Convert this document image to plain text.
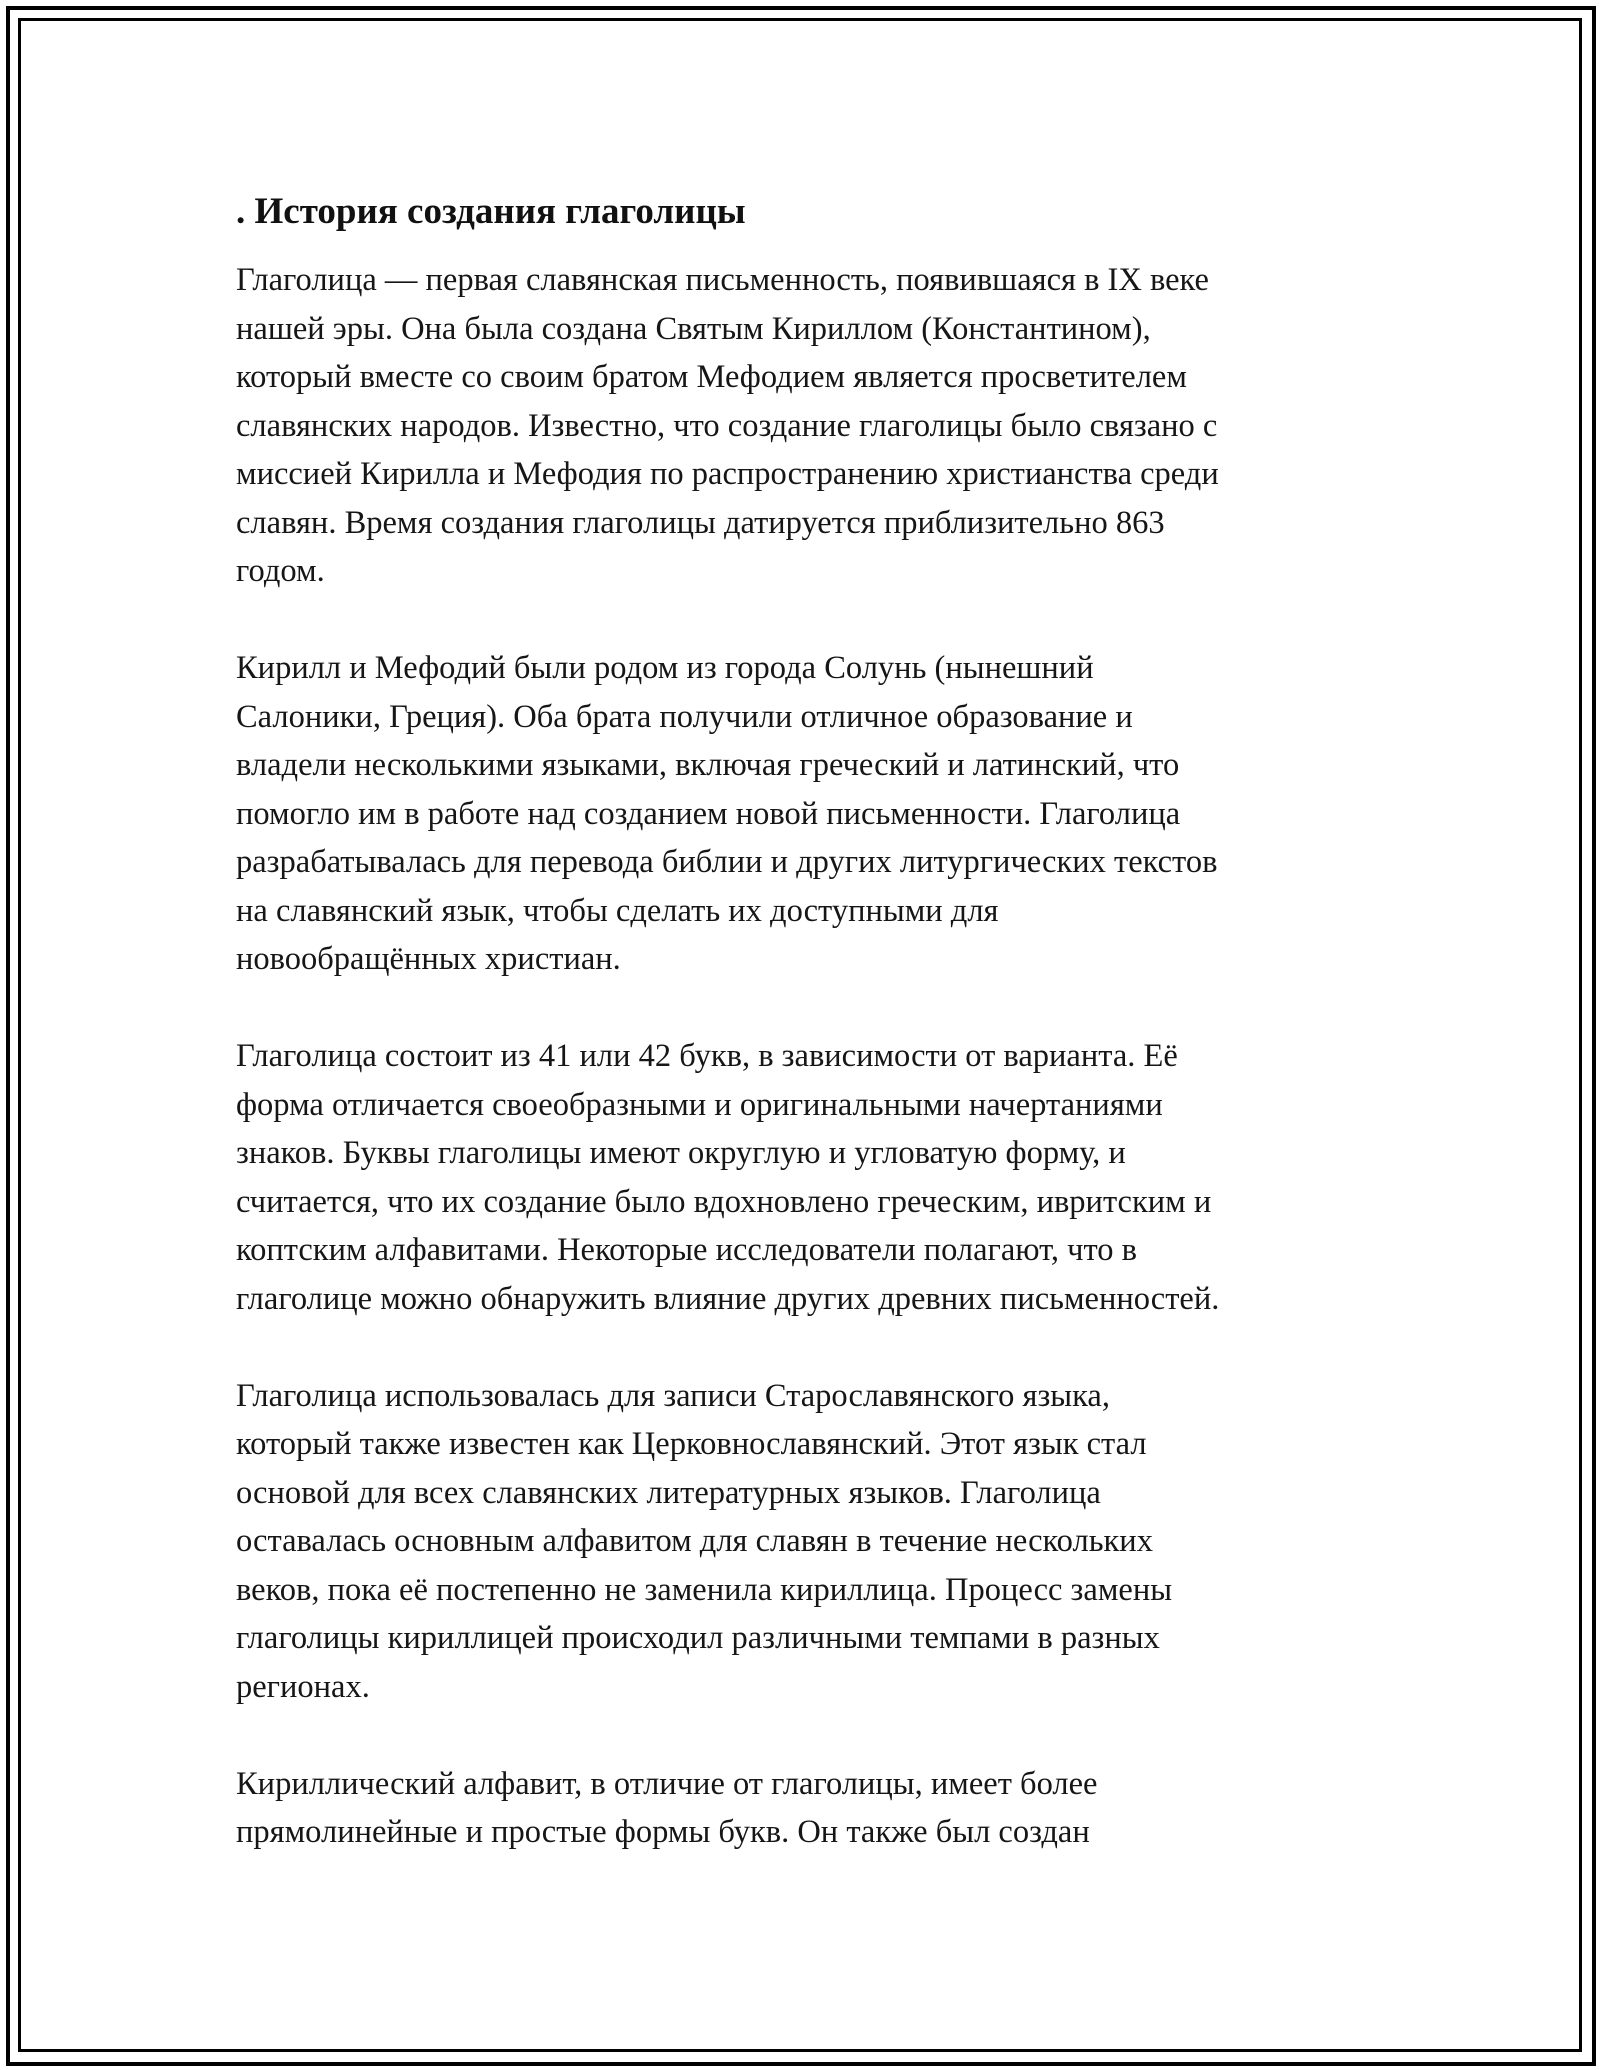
. История создания глаголицы

Глаголица — первая славянская письменность, появившаяся в IX веке
нашей эры. Она была создана Святым Кириллом (Константином),
который вместе со своим братом Мефодием является просветителем
славянских народов. Известно, что создание глаголицы было связано с
миссией Кирилла и Мефодия по распространению христианства среди
славян. Время создания глаголицы датируется приблизительно 863
годом.

Кирилл и Мефодий были родом из города Солунь (нынешний
Салоники, Греция). Оба брата получили отличное образование и
владели несколькими языками, включая греческий и латинский, что
помогло им в работе над созданием новой письменности. Глаголица
разрабатывалась для перевода библии и других литургических текстов
на славянский язык, чтобы сделать их доступными для
новообращённых христиан.

Глаголица состоит из 41 или 42 букв, в зависимости от варианта. Её
форма отличается своеобразными и оригинальными начертаниями
знаков. Буквы глаголицы имеют округлую и угловатую форму, и
считается, что их создание было вдохновлено греческим, ивритским и
коптским алфавитами. Некоторые исследователи полагают, что в
глаголице можно обнаружить влияние других древних письменностей.

Глаголица использовалась для записи Старославянского языка,
который также известен как Церковнославянский. Этот язык стал
основой для всех славянских литературных языков. Глаголица
оставалась основным алфавитом для славян в течение нескольких
веков, пока её постепенно не заменила кириллица. Процесс замены
глаголицы кириллицей происходил различными темпами в разных
регионах.

Кириллический алфавит, в отличие от глаголицы, имеет более
прямолинейные и простые формы букв. Он также был создан
